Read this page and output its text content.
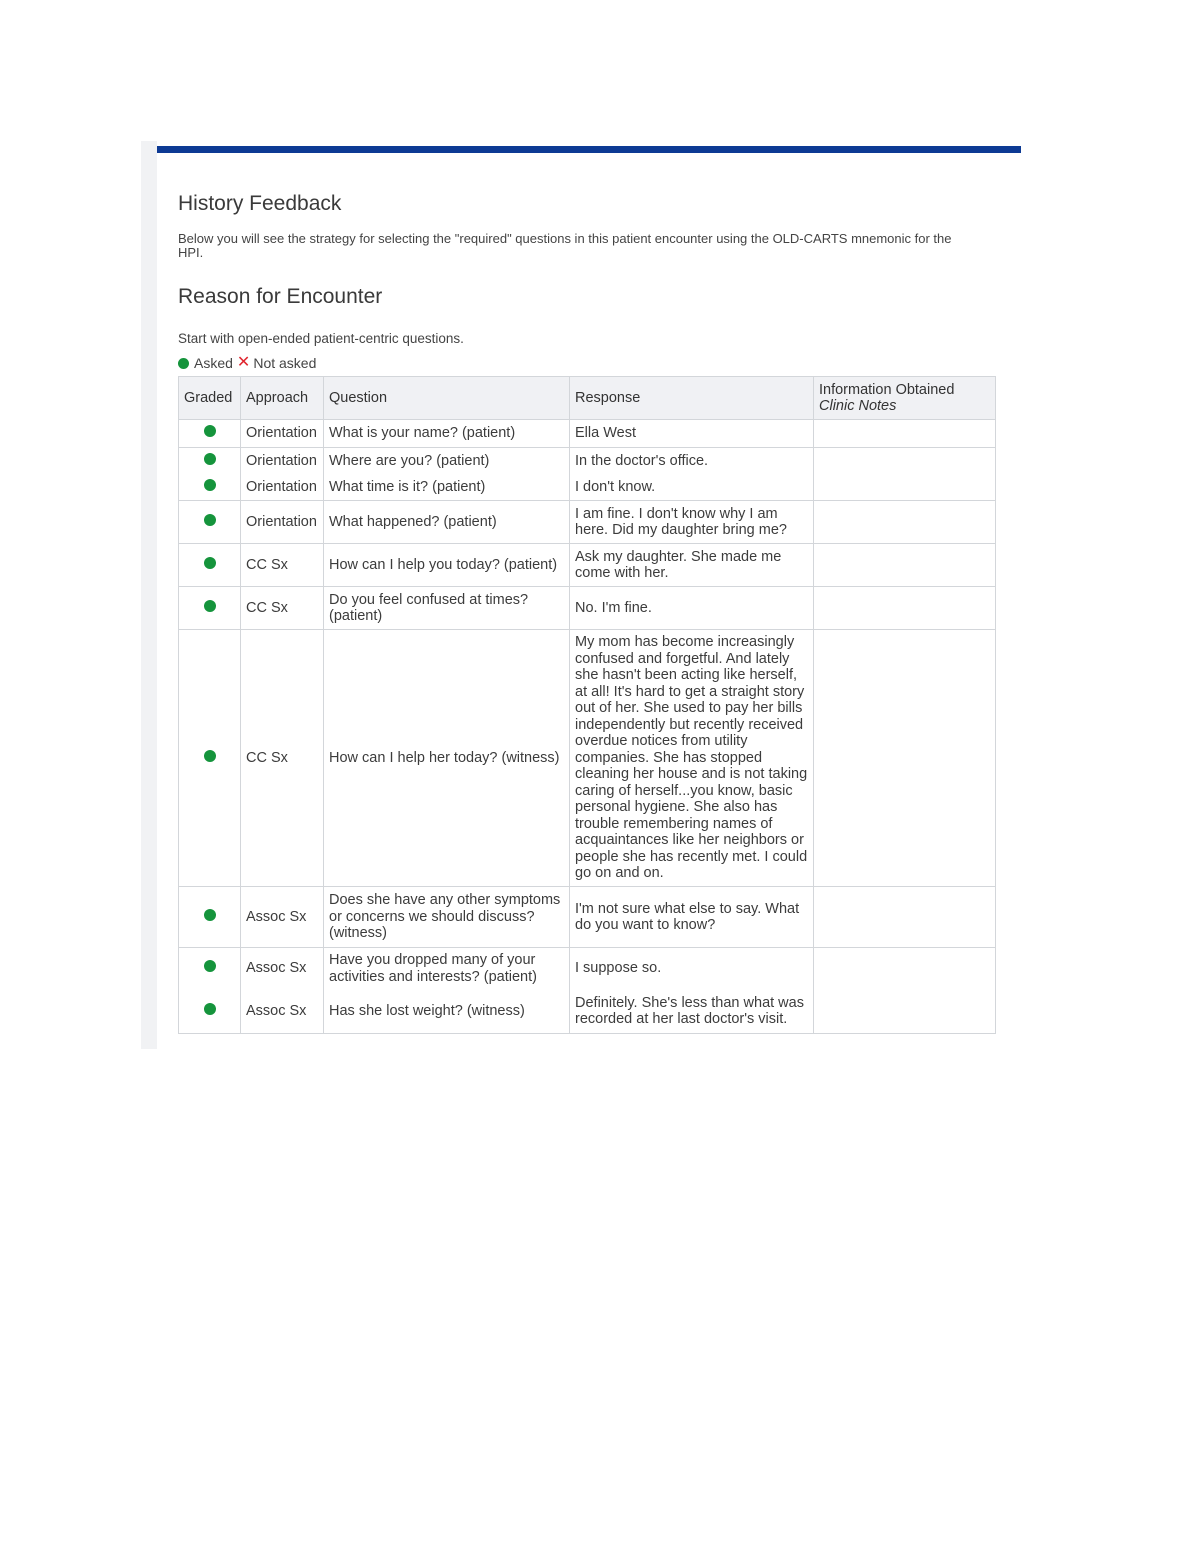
History Feedback

Below you will see the strategy for selecting the "required" questions in this patient encounter using the OLD-CARTS mnemonic for the HPI.

Reason for Encounter

Start with open-ended patient-centric questions.

Asked ✕ Not asked
Graded	Approach	Question	Response	Information Obtained
Clinic Notes

	Orientation	What is your name? (patient)	Ella West	
	Orientation	Where are you? (patient)	In the doctor's office.	
	Orientation	What time is it? (patient)	I don't know.	
	Orientation	What happened? (patient)	I am fine. I don't know why I am here. Did my daughter bring me?	
	CC Sx	How can I help you today? (patient)	Ask my daughter. She made me come with her.	
	CC Sx	Do you feel confused at times? (patient)	No. I'm fine.	
	CC Sx	How can I help her today? (witness)	My mom has become increasingly confused and forgetful. And lately she hasn't been acting like herself, at all! It's hard to get a straight story out of her. She used to pay her bills independently but recently received overdue notices from utility companies. She has stopped cleaning her house and is not taking caring of herself...you know, basic personal hygiene. She also has trouble remembering names of acquaintances like her neighbors or people she has recently met. I could go on and on.	
	Assoc Sx	Does she have any other symptoms or concerns we should discuss? (witness)	I'm not sure what else to say. What do you want to know?	
	Assoc Sx	Have you dropped many of your activities and interests? (patient)	I suppose so.	
	Assoc Sx	Has she lost weight? (witness)	Definitely. She's less than what was recorded at her last doctor's visit.	
